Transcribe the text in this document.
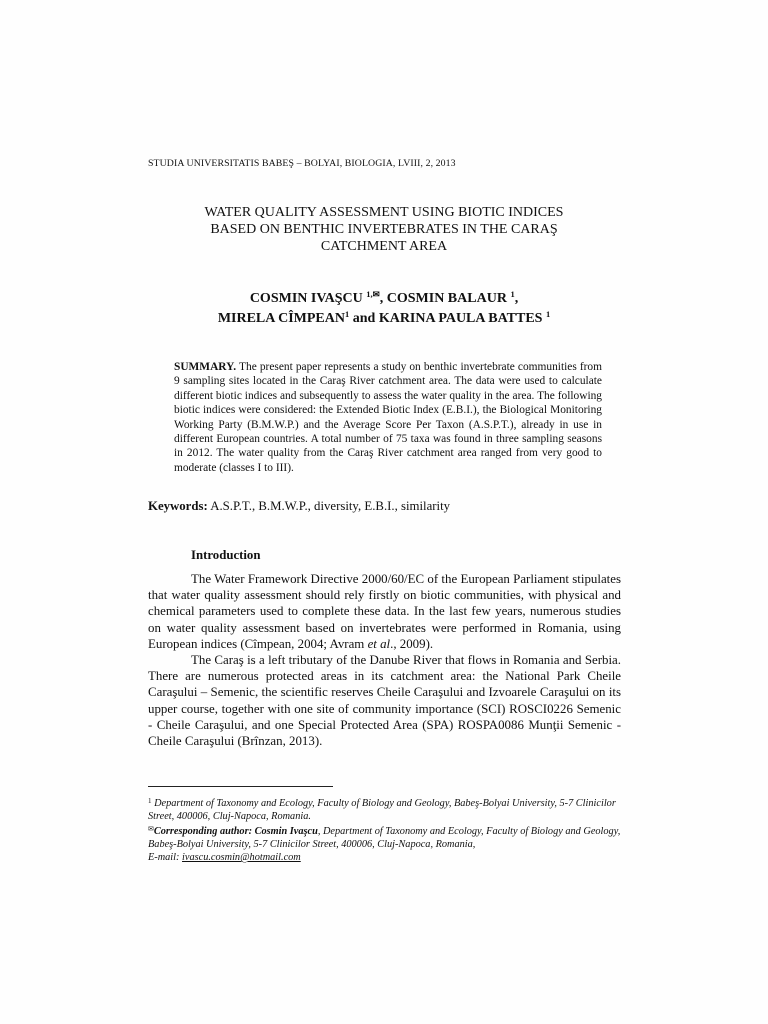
STUDIA UNIVERSITATIS BABEŞ – BOLYAI, BIOLOGIA, LVIII, 2, 2013
WATER QUALITY ASSESSMENT USING BIOTIC INDICES
BASED ON BENTHIC INVERTEBRATES IN THE CARAŞ
CATCHMENT AREA
COSMIN IVAŞCU $^{1,✉}$, COSMIN BALAUR $^1$,
MIRELA CÎMPEAN$^1$ and KARINA PAULA BATTES $^1$
SUMMARY. The present paper represents a study on benthic invertebrate communities from 9 sampling sites located in the Caraş River catchment area. The data were used to calculate different biotic indices and subsequently to assess the water quality in the area. The following biotic indices were considered: the Extended Biotic Index (E.B.I.), the Biological Monitoring Working Party (B.M.W.P.) and the Average Score Per Taxon (A.S.P.T.), already in use in different European countries. A total number of 75 taxa was found in three sampling seasons in 2012. The water quality from the Caraş River catchment area ranged from very good to moderate (classes I to III).
Keywords: A.S.P.T., B.M.W.P., diversity, E.B.I., similarity
Introduction

The Water Framework Directive 2000/60/EC of the European Parliament stipulates that water quality assessment should rely firstly on biotic communities, with physical and chemical parameters used to complete these data. In the last few years, numerous studies on water quality assessment based on invertebrates were performed in Romania, using European indices (Cîmpean, 2004; Avram et al., 2009).

The Caraş is a left tributary of the Danube River that flows in Romania and Serbia. There are numerous protected areas in its catchment area: the National Park Cheile Caraşului – Semenic, the scientific reserves Cheile Caraşului and Izvoarele Caraşului on its upper course, together with one site of community importance (SCI) ROSCI0226 Semenic - Cheile Caraşului, and one Special Protected Area (SPA) ROSPA0086 Munţii Semenic - Cheile Caraşului (Brînzan, 2013).

$^1$ Department of Taxonomy and Ecology, Faculty of Biology and Geology, Babeş-Bolyai University, 5-7 Clinicilor Street, 400006, Cluj-Napoca, Romania.

✉Corresponding author: Cosmin Ivaşcu, Department of Taxonomy and Ecology, Faculty of Biology and Geology, Babeş-Bolyai University, 5-7 Clinicilor Street, 400006, Cluj-Napoca, Romania,
E-mail: ivascu.cosmin@hotmail.com
